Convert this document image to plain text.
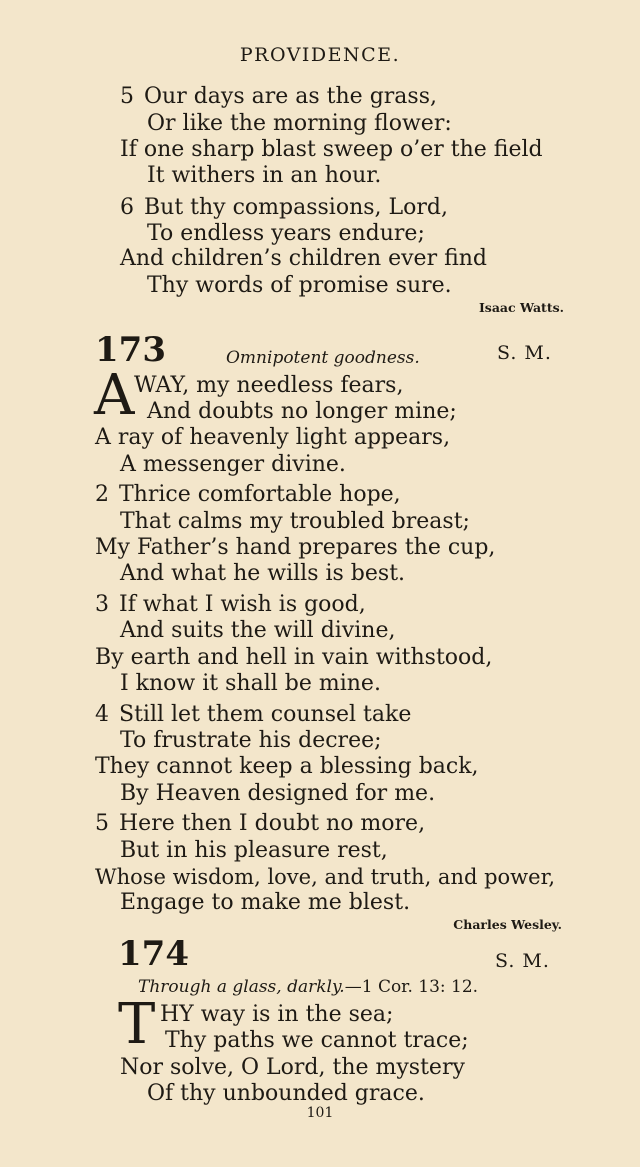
PROVIDENCE.
5 Our days are as the grass,
Or like the morning flower:
If one sharp blast sweep o’er the field
It withers in an hour.
6 But thy compassions, Lord,
To endless years endure;
And children’s children ever find
Thy words of promise sure.
Isaac Watts.
173	Omnipotent goodness.	S. M.
A WAY, my needless fears,
And doubts no longer mine;
A ray of heavenly light appears,
A messenger divine.
2 Thrice comfortable hope,
That calms my troubled breast;
My Father’s hand prepares the cup,
And what he wills is best.
3 If what I wish is good,
And suits the will divine,
By earth and hell in vain withstood,
I know it shall be mine.
4 Still let them counsel take
To frustrate his decree;
They cannot keep a blessing back,
By Heaven designed for me.
5 Here then I doubt no more,
But in his pleasure rest,
Whose wisdom, love, and truth, and power,
Engage to make me blest.
Charles Wesley.
174	S. M.
Through a glass, darkly.—1 Cor. 13: 12.
T HY way is in the sea;
Thy paths we cannot trace;
Nor solve, O Lord, the mystery
Of thy unbounded grace.
101
